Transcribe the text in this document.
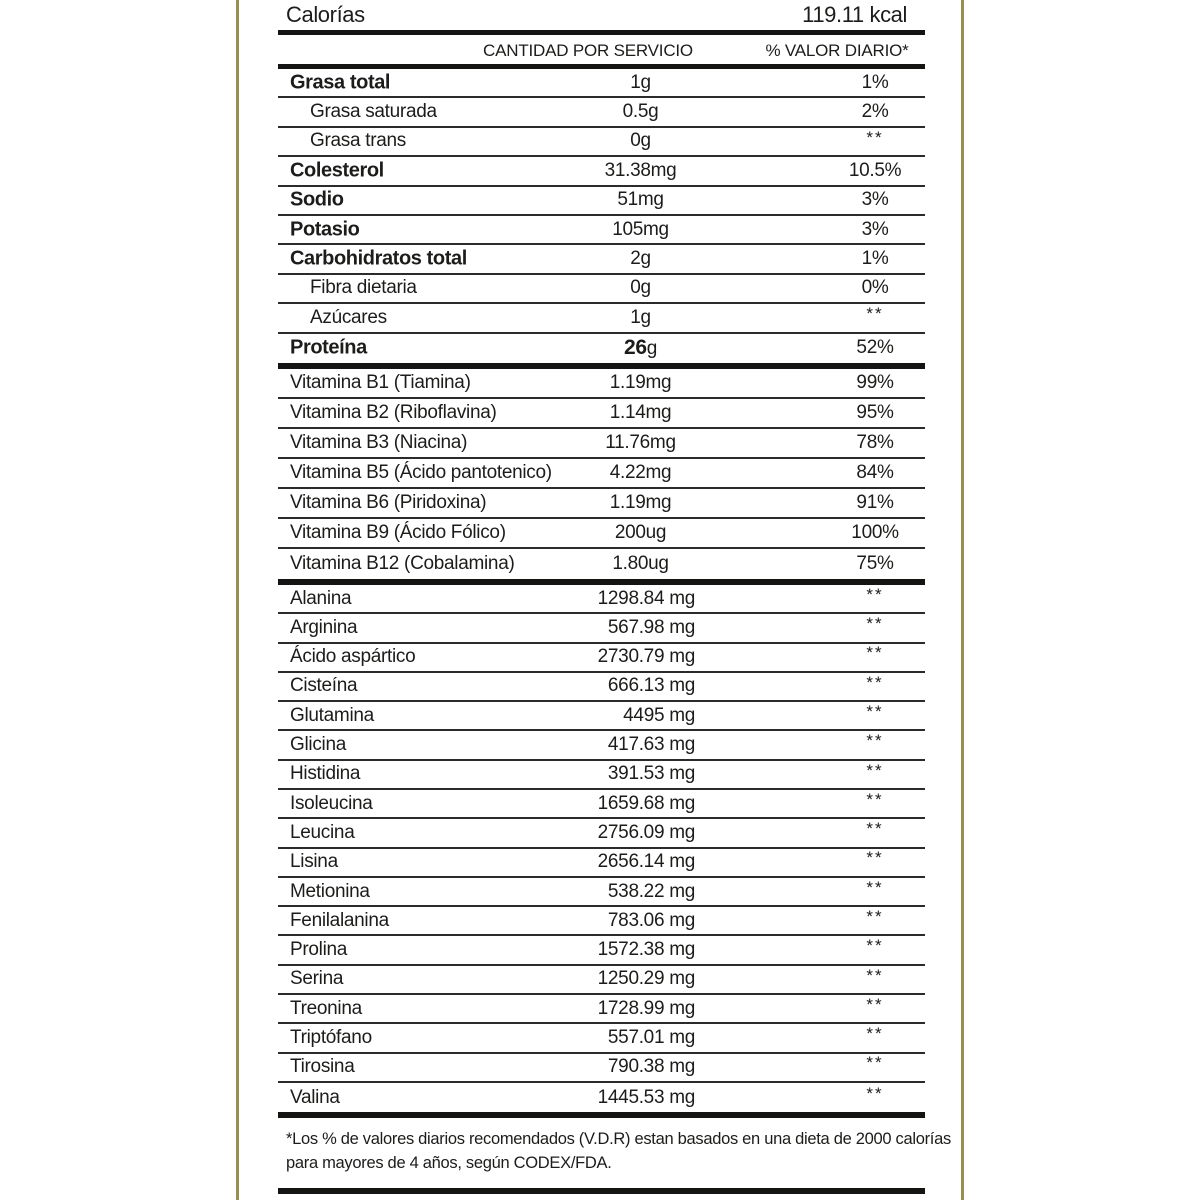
Calorías	119.11 kcal
CANTIDAD POR SERVICIO	% VALOR DIARIO*
Grasa total	1g	1%
Grasa saturada	0.5g	2%
Grasa trans	0g	**
Colesterol	31.38mg	10.5%
Sodio	51mg	3%
Potasio	105mg	3%
Carbohidratos total	2g	1%
Fibra dietaria	0g	0%
Azúcares	1g	**
Proteína	26g	52%
Vitamina B1 (Tiamina)	1.19mg	99%
Vitamina B2 (Riboflavina)	1.14mg	95%
Vitamina B3 (Niacina)	11.76mg	78%
Vitamina B5 (Ácido pantotenico)	4.22mg	84%
Vitamina B6 (Piridoxina)	1.19mg	91%
Vitamina B9 (Ácido Fólico)	200ug	100%
Vitamina B12 (Cobalamina)	1.80ug	75%
Alanina	1298.84 mg	**
Arginina	567.98 mg	**
Ácido aspártico	2730.79 mg	**
Cisteína	666.13 mg	**
Glutamina	4495 mg	**
Glicina	417.63 mg	**
Histidina	391.53 mg	**
Isoleucina	1659.68 mg	**
Leucina	2756.09 mg	**
Lisina	2656.14 mg	**
Metionina	538.22 mg	**
Fenilalanina	783.06 mg	**
Prolina	1572.38 mg	**
Serina	1250.29 mg	**
Treonina	1728.99 mg	**
Triptófano	557.01 mg	**
Tirosina	790.38 mg	**
Valina	1445.53 mg	**
*Los % de valores diarios recomendados (V.D.R) estan basados en una dieta de 2000 calorías
para mayores de 4 años, según CODEX/FDA.
